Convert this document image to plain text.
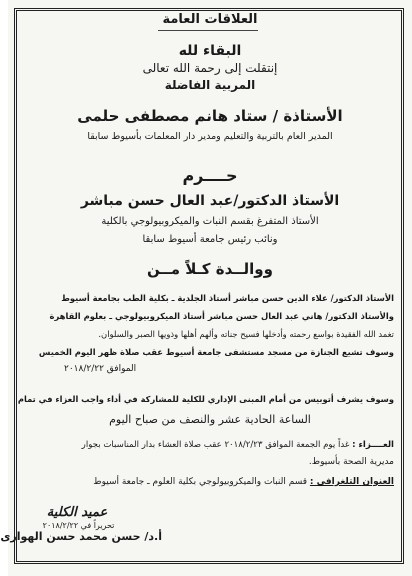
العلاقات العامة
البقاء لله
إنتقلت إلى رحمة الله تعالى
المربية الفاضلة
الأستاذة / ستاد هانم مصطفى حلمى
المدير العام بالتربية والتعليم ومدير دار المعلمات بأسيوط سابقا
حــــرم
الأستاذ الدكتور/عبد العال حسن مباشر
الأستاذ المتفرغ بقسم النبات والميكروبيولوجي بالكلية
ونائب رئيس جامعة أسيوط سابقا
ووالــدة كـلاً مــن
الأستاذ الدكتور/ علاء الدين حسن مباشر أستاذ الجلدية ـ بكلية الطب بجامعة أسيوط
والأستاذ الدكتور/ هاني عبد العال حسن مباشر أستاذ الميكروبيولوجي ـ بعلوم القاهرة
تغمد الله الفقيدة بواسع رحمته وأدخلها فسيح جناته وألهم أهلها وذويها الصبر والسلوان.
وسوف تشيع الجنازة من مسجد مستشفى جامعة أسيوط عقب صلاة ظهر اليوم الخميس
الموافق ٢٠١٨/٢/٢٢
وسوف يشرف أتوبيس من أمام المبنى الإداري للكلية للمشاركة في أداء واجب العزاء في تمام
الساعة الحادية عشر والنصف من صباح اليوم
العــــزاء : غداً يوم الجمعة الموافق ٢٠١٨/٢/٢٣ عقب صلاة العشاء بدار المناسبات بجوار
مديرية الصحة بأسيوط.
العنوان التلغرافي : قسم النبات والميكروبيولوجي بكلية العلوم ـ جامعة أسيوط
عميد الكلية
أ.د/ حسن محمد حسن الهوارى
تحريراً في ٢٠١٨/٢/٢٢
